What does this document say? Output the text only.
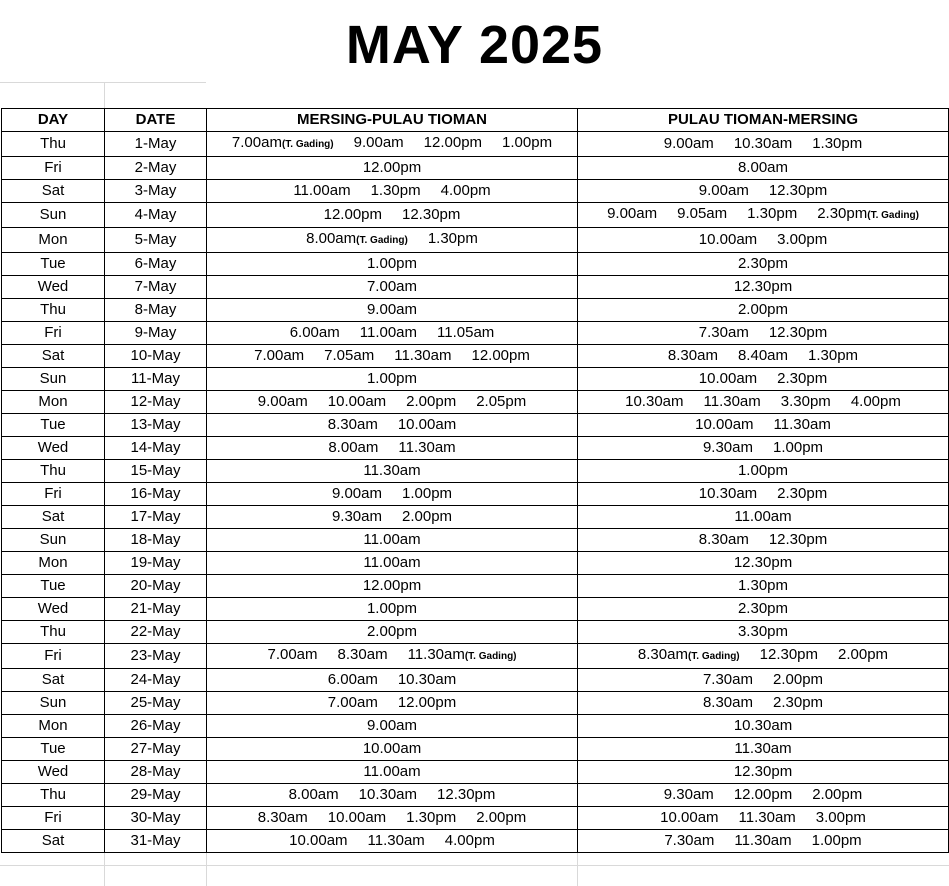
MAY 2025
DAY	DATE	MERSING-PULAU TIOMAN	PULAU TIOMAN-MERSING
Thu	1-May	7.00am(T. Gading) 9.00am 12.00pm 1.00pm	9.00am 10.30am 1.30pm
Fri	2-May	12.00pm	8.00am
Sat	3-May	11.00am 1.30pm 4.00pm	9.00am 12.30pm
Sun	4-May	12.00pm 12.30pm	9.00am 9.05am 1.30pm 2.30pm(T. Gading)
Mon	5-May	8.00am(T. Gading) 1.30pm	10.00am 3.00pm
Tue	6-May	1.00pm	2.30pm
Wed	7-May	7.00am	12.30pm
Thu	8-May	9.00am	2.00pm
Fri	9-May	6.00am 11.00am 11.05am	7.30am 12.30pm
Sat	10-May	7.00am 7.05am 11.30am 12.00pm	8.30am 8.40am 1.30pm
Sun	11-May	1.00pm	10.00am 2.30pm
Mon	12-May	9.00am 10.00am 2.00pm 2.05pm	10.30am 11.30am 3.30pm 4.00pm
Tue	13-May	8.30am 10.00am	10.00am 11.30am
Wed	14-May	8.00am 11.30am	9.30am 1.00pm
Thu	15-May	11.30am	1.00pm
Fri	16-May	9.00am 1.00pm	10.30am 2.30pm
Sat	17-May	9.30am 2.00pm	11.00am
Sun	18-May	11.00am	8.30am 12.30pm
Mon	19-May	11.00am	12.30pm
Tue	20-May	12.00pm	1.30pm
Wed	21-May	1.00pm	2.30pm
Thu	22-May	2.00pm	3.30pm
Fri	23-May	7.00am 8.30am 11.30am(T. Gading)	8.30am(T. Gading) 12.30pm 2.00pm
Sat	24-May	6.00am 10.30am	7.30am 2.00pm
Sun	25-May	7.00am 12.00pm	8.30am 2.30pm
Mon	26-May	9.00am	10.30am
Tue	27-May	10.00am	11.30am
Wed	28-May	11.00am	12.30pm
Thu	29-May	8.00am 10.30am 12.30pm	9.30am 12.00pm 2.00pm
Fri	30-May	8.30am 10.00am 1.30pm 2.00pm	10.00am 11.30am 3.00pm
Sat	31-May	10.00am 11.30am 4.00pm	7.30am 11.30am 1.00pm
